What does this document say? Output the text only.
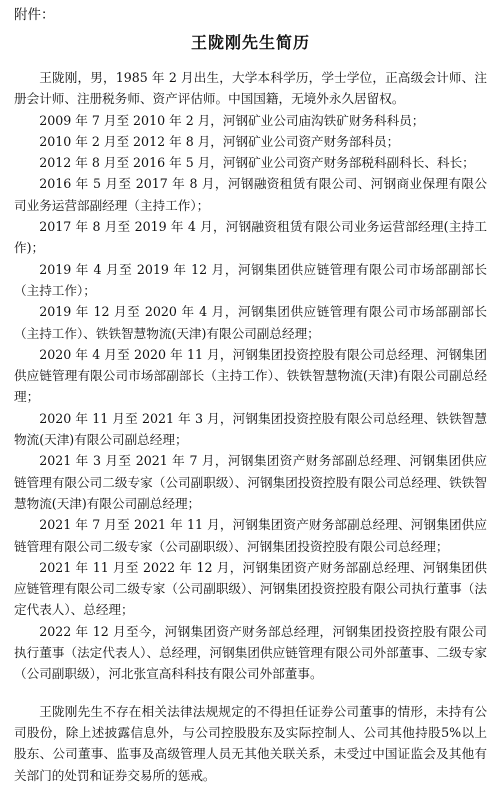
附件：

王陇刚先生简历

王陇刚，男，1985 年 2 月出生，大学本科学历，学士学位，正高级会计师、注册会计师、注册税务师、资产评估师。中国国籍，无境外永久居留权。

2009 年 7 月至 2010 年 2 月，河钢矿业公司庙沟铁矿财务科科员；

2010 年 2 月至 2012 年 8 月，河钢矿业公司资产财务部科员；

2012 年 8 月至 2016 年 5 月，河钢矿业公司资产财务部税科副科长、科长；

2016 年 5 月至 2017 年 8 月，河钢融资租赁有限公司、河钢商业保理有限公司业务运营部副经理（主持工作）；

2017 年 8 月至 2019 年 4 月，河钢融资租赁有限公司业务运营部经理(主持工作)；

2019 年 4 月至 2019 年 12 月，河钢集团供应链管理有限公司市场部副部长（主持工作）；

2019 年 12 月至 2020 年 4 月，河钢集团供应链管理有限公司市场部副部长（主持工作）、铁铁智慧物流(天津)有限公司副总经理；

2020 年 4 月至 2020 年 11 月，河钢集团投资控股有限公司总经理、河钢集团供应链管理有限公司市场部副部长（主持工作）、铁铁智慧物流(天津)有限公司副总经理；

2020 年 11 月至 2021 年 3 月，河钢集团投资控股有限公司总经理、铁铁智慧物流(天津)有限公司副总经理；

2021 年 3 月至 2021 年 7 月，河钢集团资产财务部副总经理、河钢集团供应链管理有限公司二级专家（公司副职级）、河钢集团投资控股有限公司总经理、铁铁智慧物流(天津)有限公司副总经理；

2021 年 7 月至 2021 年 11 月，河钢集团资产财务部副总经理、河钢集团供应链管理有限公司二级专家（公司副职级）、河钢集团投资控股有限公司总经理；

2021 年 11 月至 2022 年 12 月，河钢集团资产财务部副总经理、河钢集团供应链管理有限公司二级专家（公司副职级）、河钢集团投资控股有限公司执行董事（法定代表人）、总经理；

2022 年 12 月至今，河钢集团资产财务部总经理，河钢集团投资控股有限公司执行董事（法定代表人）、总经理，河钢集团供应链管理有限公司外部董事、二级专家（公司副职级），河北张宣高科科技有限公司外部董事。

王陇刚先生不存在相关法律法规规定的不得担任证券公司董事的情形，未持有公司股份，除上述披露信息外，与公司控股股东及实际控制人、公司其他持股5%以上股东、公司董事、监事及高级管理人员无其他关联关系，未受过中国证监会及其他有关部门的处罚和证券交易所的惩戒。
